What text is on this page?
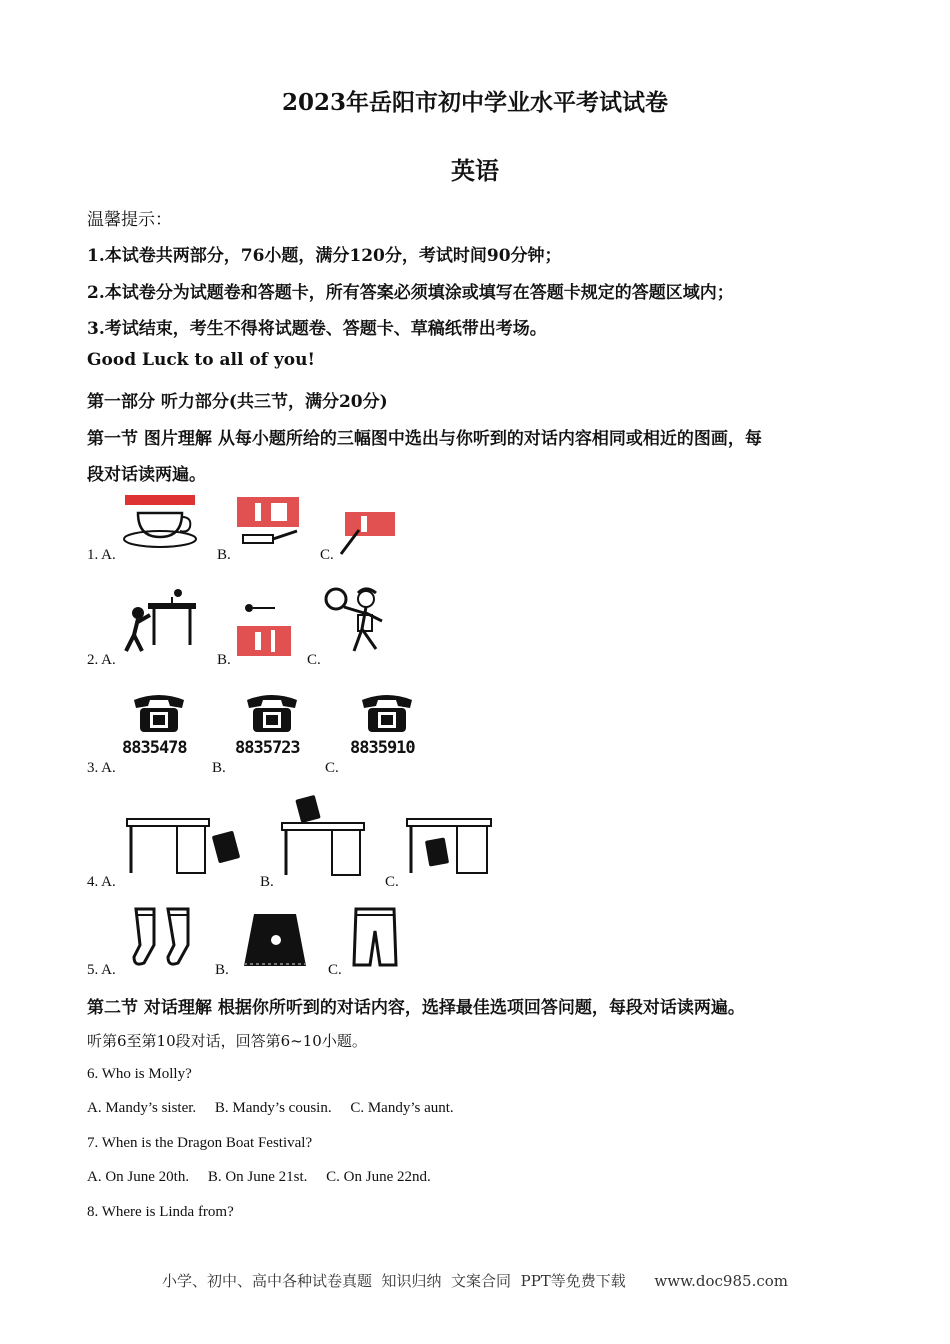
2023年岳阳市初中学业水平考试试卷
英语
温馨提示：
1.本试卷共两部分，76小题，满分120分，考试时间90分钟；
2.本试卷分为试题卷和答题卡，所有答案必须填涂或填写在答题卡规定的答题区域内；
3.考试结束，考生不得将试题卷、答题卡、草稿纸带出考场。
Good Luck to all of you!
第一部分 听力部分(共三节，满分20分)
第一节 图片理解 从每小题所给的三幅图中选出与你听到的对话内容相同或相近的图画，每
段对话读两遍。
1. A.	B.	C.
2. A.	B.	C.
3. A.	B.	C.
8835478	8835723	8835910
4. A.	B.	C.
5. A.	B.	C.
第二节 对话理解 根据你所听到的对话内容，选择最佳选项回答问题，每段对话读两遍。
听第6至第10段对话，回答第6~10小题。
6. Who is Molly?
A. Mandy’s sister.     B. Mandy’s cousin.     C. Mandy’s aunt.
7. When is the Dragon Boat Festival?
A. On June 20th.     B. On June 21st.     C. On June 22nd.
8. Where is Linda from?
小学、初中、高中各种试卷真题  知识归纳  文案合同  PPT等免费下载      www.doc985.com
